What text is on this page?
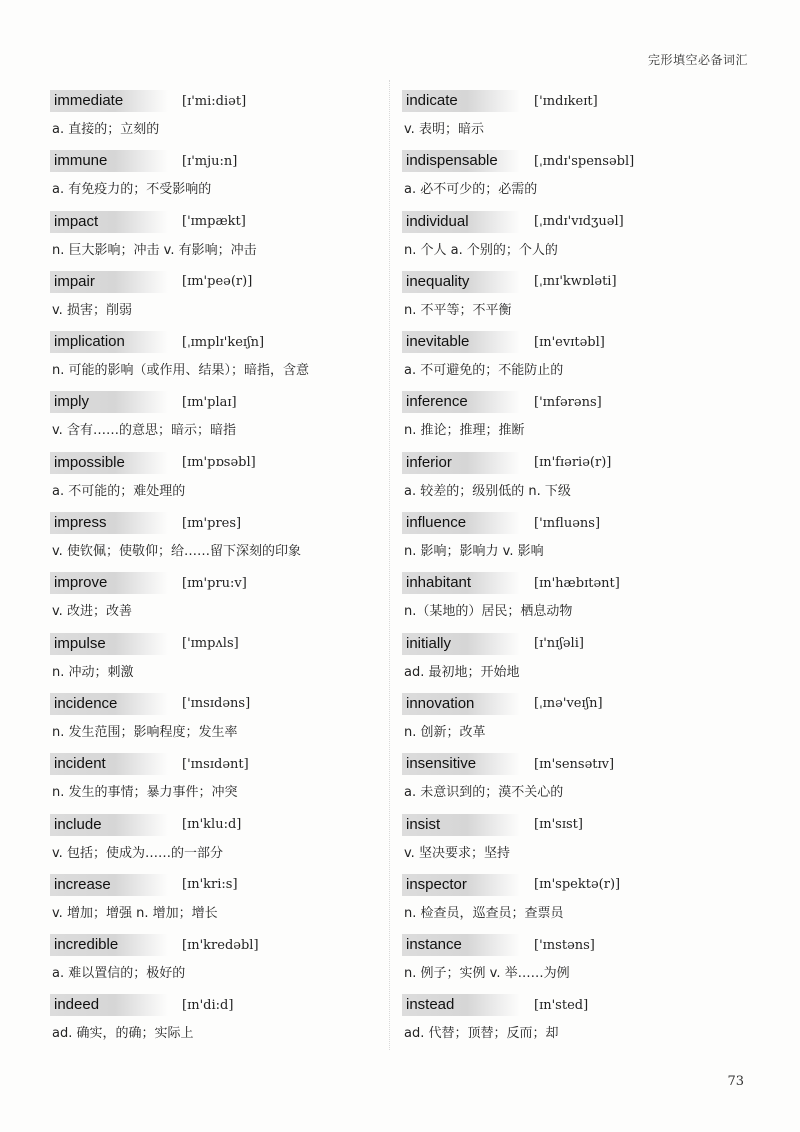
完形填空必备词汇
immediate	[ɪ'mi:diət]
a. 直接的；立刻的
immune	[ɪ'mju:n]
a. 有免疫力的；不受影响的
impact	['ɪmpækt]
n. 巨大影响；冲击 v. 有影响；冲击
impair	[ɪm'peə(r)]
v. 损害；削弱
implication	[ˌɪmplɪ'keɪʃn]
n. 可能的影响（或作用、结果）；暗指，含意
imply	[ɪm'plaɪ]
v. 含有……的意思；暗示；暗指
impossible	[ɪm'pɒsəbl]
a. 不可能的；难处理的
impress	[ɪm'pres]
v. 使钦佩；使敬仰；给……留下深刻的印象
improve	[ɪm'pru:v]
v. 改进；改善
impulse	['ɪmpʌls]
n. 冲动；刺激
incidence	['ɪnsɪdəns]
n. 发生范围；影响程度；发生率
incident	['ɪnsɪdənt]
n. 发生的事情；暴力事件；冲突
include	[ɪn'klu:d]
v. 包括；使成为……的一部分
increase	[ɪn'kri:s]
v. 增加；增强 n. 增加；增长
incredible	[ɪn'kredəbl]
a. 难以置信的；极好的
indeed	[ɪn'di:d]
ad. 确实，的确；实际上
indicate	['ɪndɪkeɪt]
v. 表明；暗示
indispensable	[ˌɪndɪ'spensəbl]
a. 必不可少的；必需的
individual	[ˌɪndɪ'vɪdʒuəl]
n. 个人 a. 个别的；个人的
inequality	[ˌɪnɪ'kwɒləti]
n. 不平等；不平衡
inevitable	[ɪn'evɪtəbl]
a. 不可避免的；不能防止的
inference	['ɪnfərəns]
n. 推论；推理；推断
inferior	[ɪn'fɪəriə(r)]
a. 较差的；级别低的 n. 下级
influence	['ɪnfluəns]
n. 影响；影响力 v. 影响
inhabitant	[ɪn'hæbɪtənt]
n.（某地的）居民；栖息动物
initially	[ɪ'nɪʃəli]
ad. 最初地；开始地
innovation	[ˌɪnə'veɪʃn]
n. 创新；改革
insensitive	[ɪn'sensətɪv]
a. 未意识到的；漠不关心的
insist	[ɪn'sɪst]
v. 坚决要求；坚持
inspector	[ɪn'spektə(r)]
n. 检查员，巡查员；查票员
instance	['ɪnstəns]
n. 例子；实例 v. 举……为例
instead	[ɪn'sted]
ad. 代替；顶替；反而；却
73
